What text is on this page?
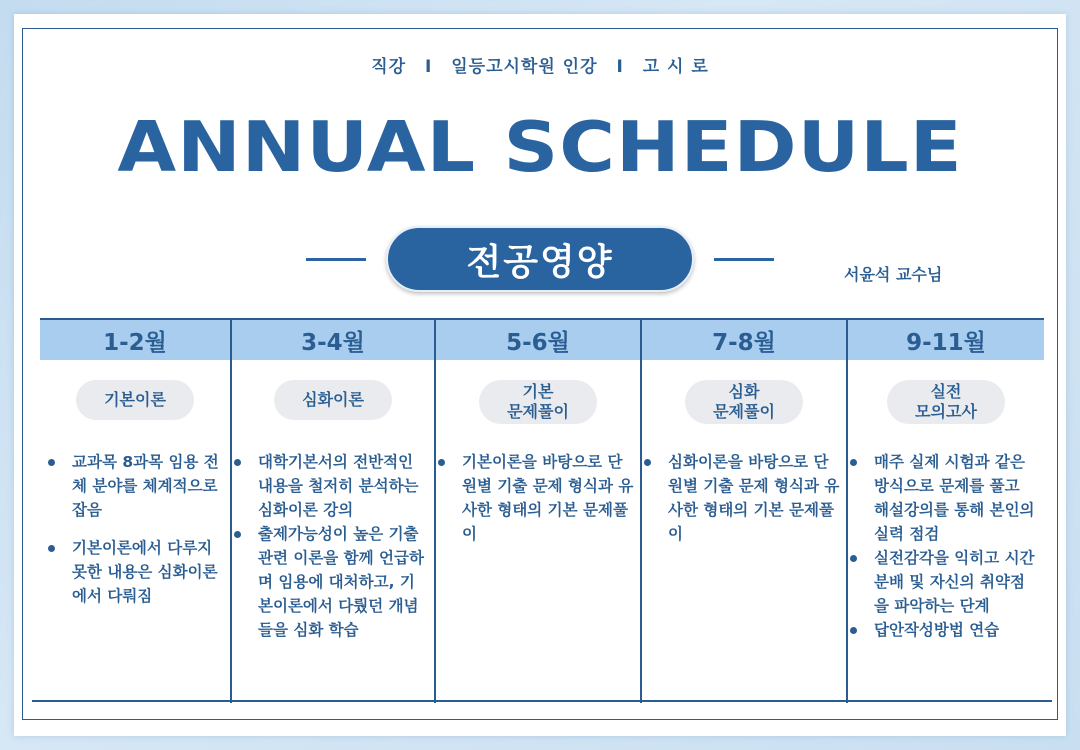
직강 I 일등고시학원 인강 I 고 시 로
ANNUAL SCHEDULE
전공영양	서윤석 교수님
1-2월
기본이론
교과목 8과목 임용 전체 분야를 체계적으로 잡음
기본이론에서 다루지 못한 내용은 심화이론에서 다뤄짐
3-4월
심화이론
대학기본서의 전반적인 내용을 철저히 분석하는 심화이론 강의
출제가능성이 높은 기출 관련 이론을 함께 언급하며 임용에 대처하고, 기본이론에서 다뤘던 개념들을 심화 학습
5-6월
기본
문제풀이
기본이론을 바탕으로 단원별 기출 문제 형식과 유사한 형태의 기본 문제풀이
7-8월
심화
문제풀이
심화이론을 바탕으로 단원별 기출 문제 형식과 유사한 형태의 기본 문제풀이
9-11월
실전
모의고사
매주 실제 시험과 같은 방식으로 문제를 풀고 해설강의를 통해 본인의 실력 점검
실전감각을 익히고 시간 분배 및 자신의 취약점을 파악하는 단계
답안작성방법 연습
